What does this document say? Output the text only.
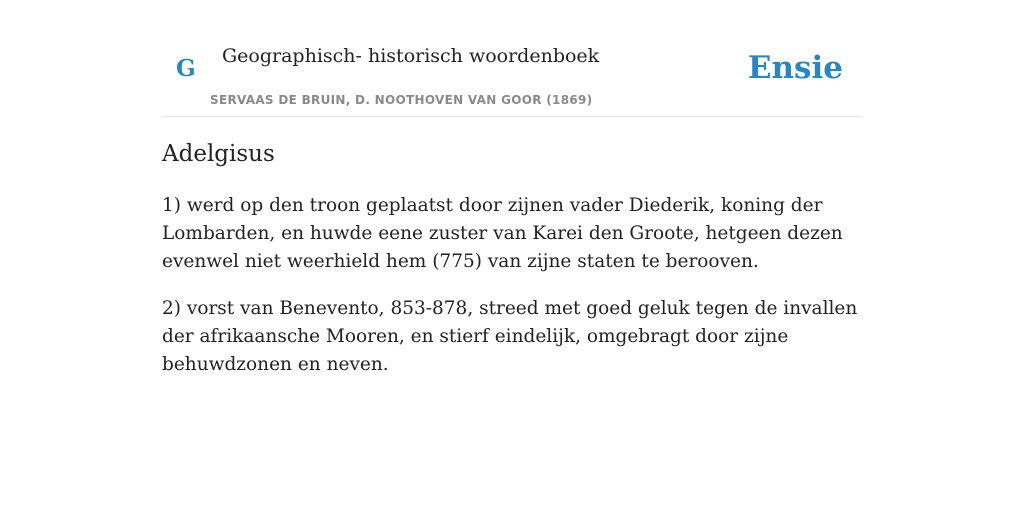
G Geographisch- historisch woordenboek
SERVAAS DE BRUIN, D. NOOTHOVEN VAN GOOR (1869)
Ensie
Adelgisus

1) werd op den troon geplaatst door zijnen vader Diederik, koning der Lombarden, en huwde eene zuster van Karei den Groote, hetgeen dezen evenwel niet weerhield hem (775) van zijne staten te berooven.

2) vorst van Benevento, 853-878, streed met goed geluk tegen de invallen der afrikaansche Mooren, en stierf eindelijk, omgebragt door zijne behuwdzonen en neven.
